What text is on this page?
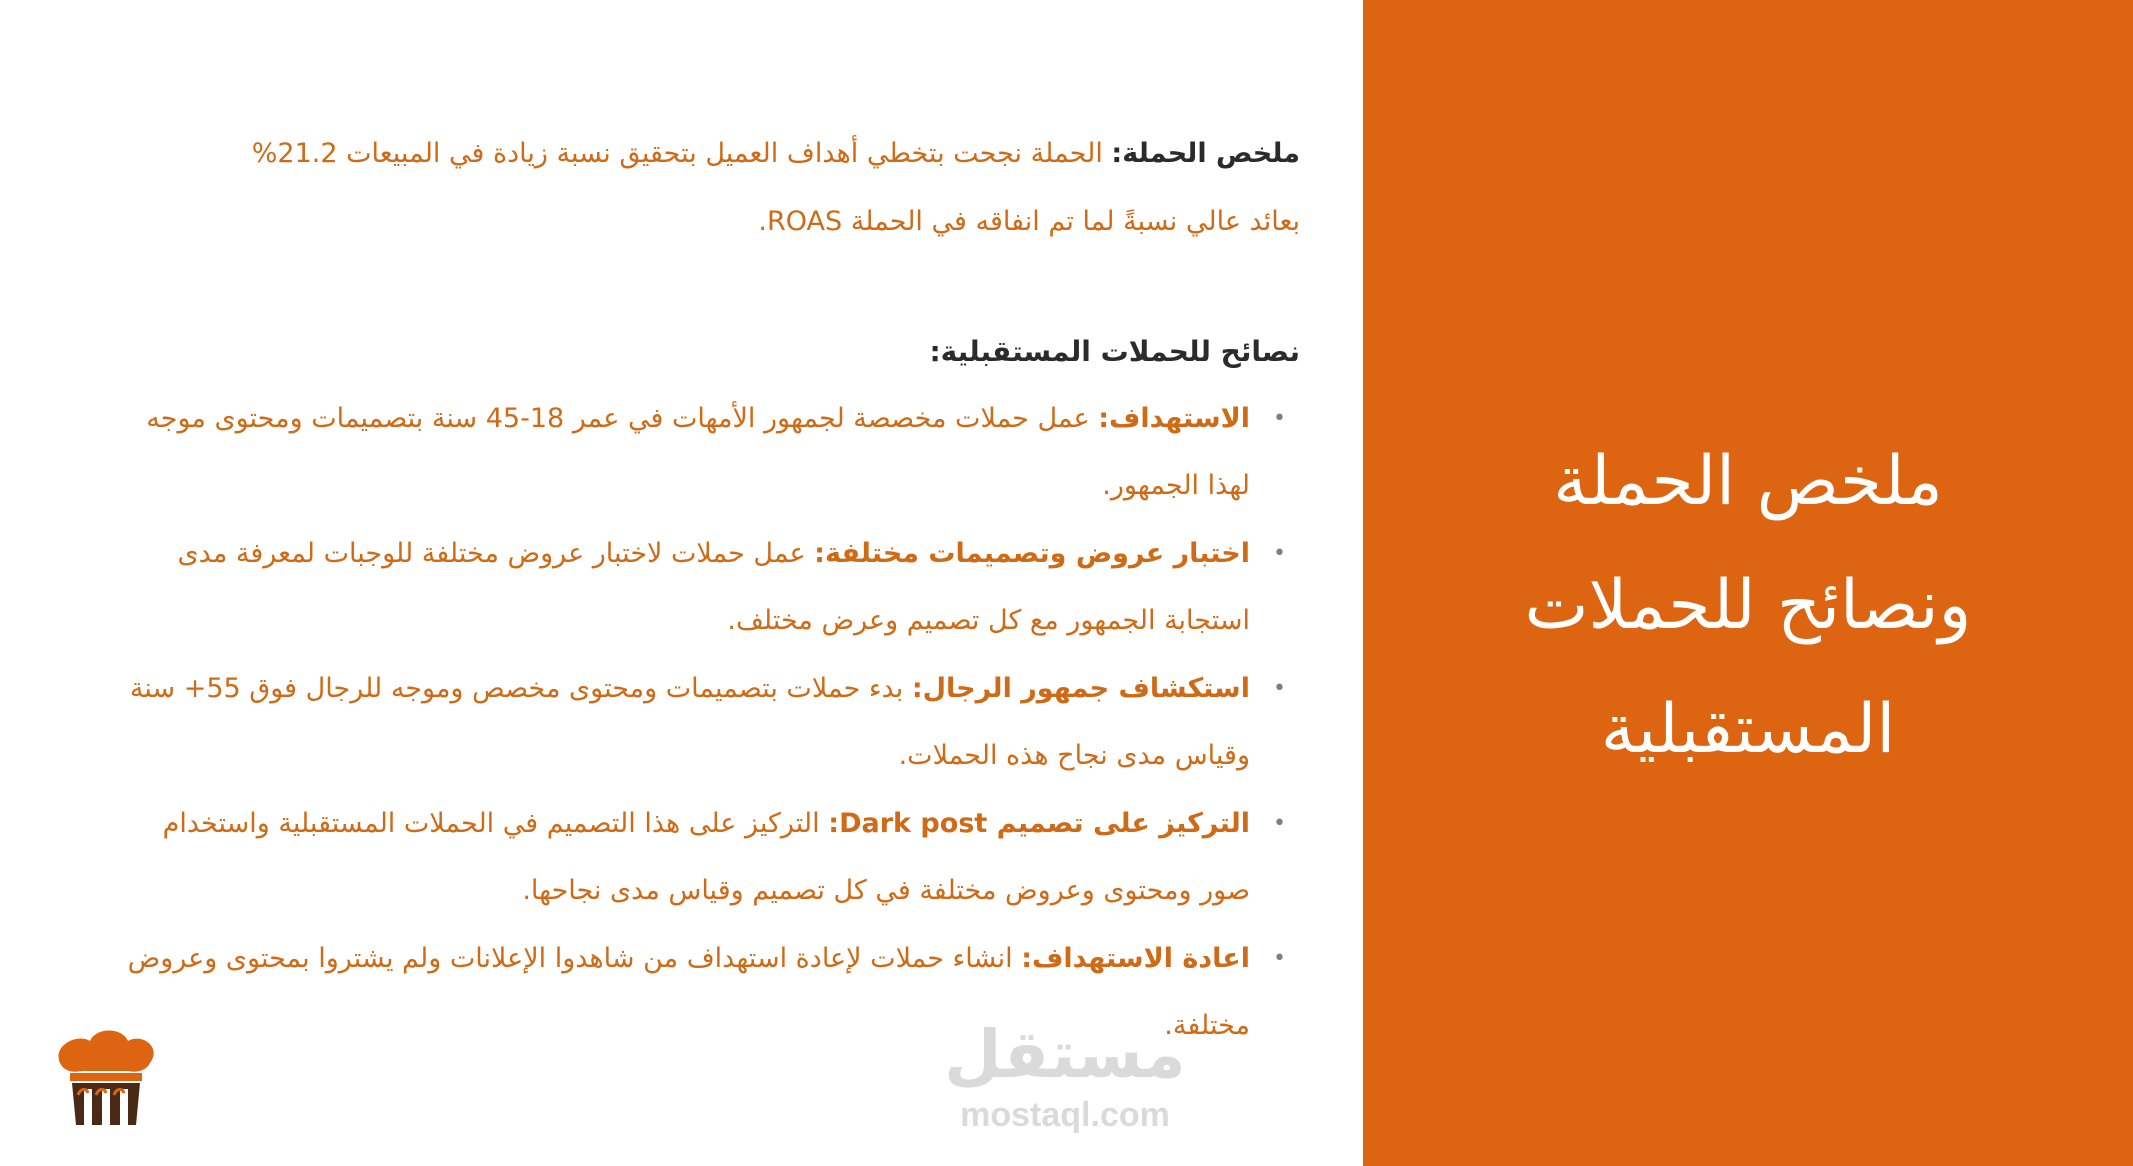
ملخص الحملة
ونصائح للحملات
المستقبلية
ملخص الحملة: الحملة نجحت بتخطي أهداف العميل بتحقيق نسبة زيادة في المبيعات 21.2%
بعائد عالي نسبةً لما تم انفاقه في الحملة ROAS.
نصائح للحملات المستقبلية:
•
الاستهداف: عمل حملات مخصصة لجمهور الأمهات في عمر 18-45 سنة بتصميمات ومحتوى موجه لهذا الجمهور.
•
اختبار عروض وتصميمات مختلفة: عمل حملات لاختبار عروض مختلفة للوجبات لمعرفة مدى استجابة الجمهور مع كل تصميم وعرض مختلف.
•
استكشاف جمهور الرجال: بدء حملات بتصميمات ومحتوى مخصص وموجه للرجال فوق 55+ سنة وقياس مدى نجاح هذه الحملات.
•
التركيز على تصميم Dark post: التركيز على هذا التصميم في الحملات المستقبلية واستخدام صور ومحتوى وعروض مختلفة في كل تصميم وقياس مدى نجاحها.
•
اعادة الاستهداف: انشاء حملات لإعادة استهداف من شاهدوا الإعلانات ولم يشتروا بمحتوى وعروض مختلفة.
مستقل
mostaql.com
